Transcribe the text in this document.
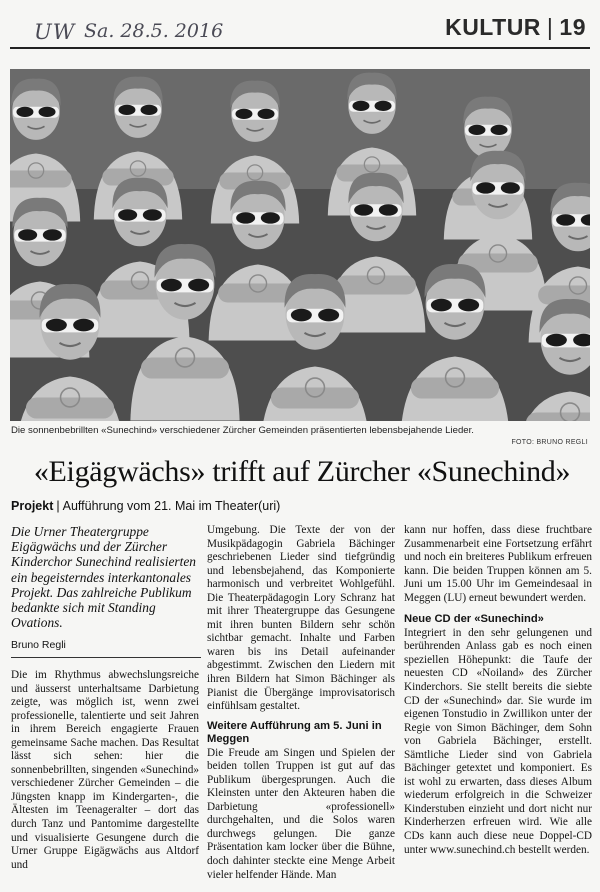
UW Sa. 28.5. 2016	KULTUR | 19
Die sonnenbebrillten «Sunechind» verschiedener Zürcher Gemeinden präsentierten lebensbejahende Lieder.
FOTO: BRUNO REGLI
«Eigägwächs» trifft auf Zürcher «Sunechind»
Projekt | Aufführung vom 21. Mai im Theater(uri)

Die Urner Theatergruppe Eigägwächs und der Zürcher Kinderchor Sunechind realisierten ein begeisterndes interkantonales Projekt. Das zahlreiche Publikum bedankte sich mit Standing Ovations.

Bruno Regli

Die im Rhythmus abwechslungsreiche und äusserst unterhaltsame Darbietung zeigte, was möglich ist, wenn zwei professionelle, talentierte und seit Jahren in ihrem Bereich engagierte Frauen gemeinsame Sache machen. Das Resultat lässt sich sehen: hier die sonnenbebrillten, singenden «Sunechind» verschiedener Zürcher Gemeinden – die Jüngsten knapp im Kindergarten-, die Ältesten im Teenageralter – dort das durch Tanz und Pantomime dargestellte und visualisierte Gesungene durch die Urner Gruppe Eigägwächs aus Altdorf und

Umgebung. Die Texte der von der Musikpädagogin Gabriela Bächinger geschriebenen Lieder sind tiefgründig und lebensbejahend, das Komponierte harmonisch und verbreitet Wohlgefühl. Die Theaterpädagogin Lory Schranz hat mit ihrer Theatergruppe das Gesungene mit ihren bunten Bildern sehr schön sichtbar gemacht. Inhalte und Farben waren bis ins Detail aufeinander abgestimmt. Zwischen den Liedern mit ihren Bildern hat Simon Bächinger als Pianist die Übergänge improvisatorisch einfühlsam gestaltet.

Weitere Aufführung am 5. Juni in Meggen

Die Freude am Singen und Spielen der beiden tollen Truppen ist gut auf das Publikum übergesprungen. Auch die Kleinsten unter den Akteuren haben die Darbietung «professionell» durchgehalten, und die Solos waren durchwegs gelungen. Die ganze Präsentation kam locker über die Bühne, doch dahinter steckte eine Menge Arbeit vieler helfender Hände. Man

kann nur hoffen, dass diese fruchtbare Zusammenarbeit eine Fortsetzung erfährt und noch ein breiteres Publikum erfreuen kann. Die beiden Truppen können am 5. Juni um 15.00 Uhr im Gemeindesaal in Meggen (LU) erneut bewundert werden.

Neue CD der «Sunechind»

Integriert in den sehr gelungenen und berührenden Anlass gab es noch einen speziellen Höhepunkt: die Taufe der neuesten CD «Noiland» des Zürcher Kinderchors. Sie stellt bereits die siebte CD der «Sunechind» dar. Sie wurde im eigenen Tonstudio in Zwillikon unter der Regie von Simon Bächinger, dem Sohn von Gabriela Bächinger, erstellt. Sämtliche Lieder sind von Gabriela Bächinger getextet und komponiert. Es ist wohl zu erwarten, dass dieses Album wiederum erfolgreich in die Schweizer Kinderstuben einzieht und dort nicht nur Kinderherzen erfreuen wird. Wie alle CDs kann auch diese neue Doppel-CD unter www.sunechind.ch bestellt werden.
